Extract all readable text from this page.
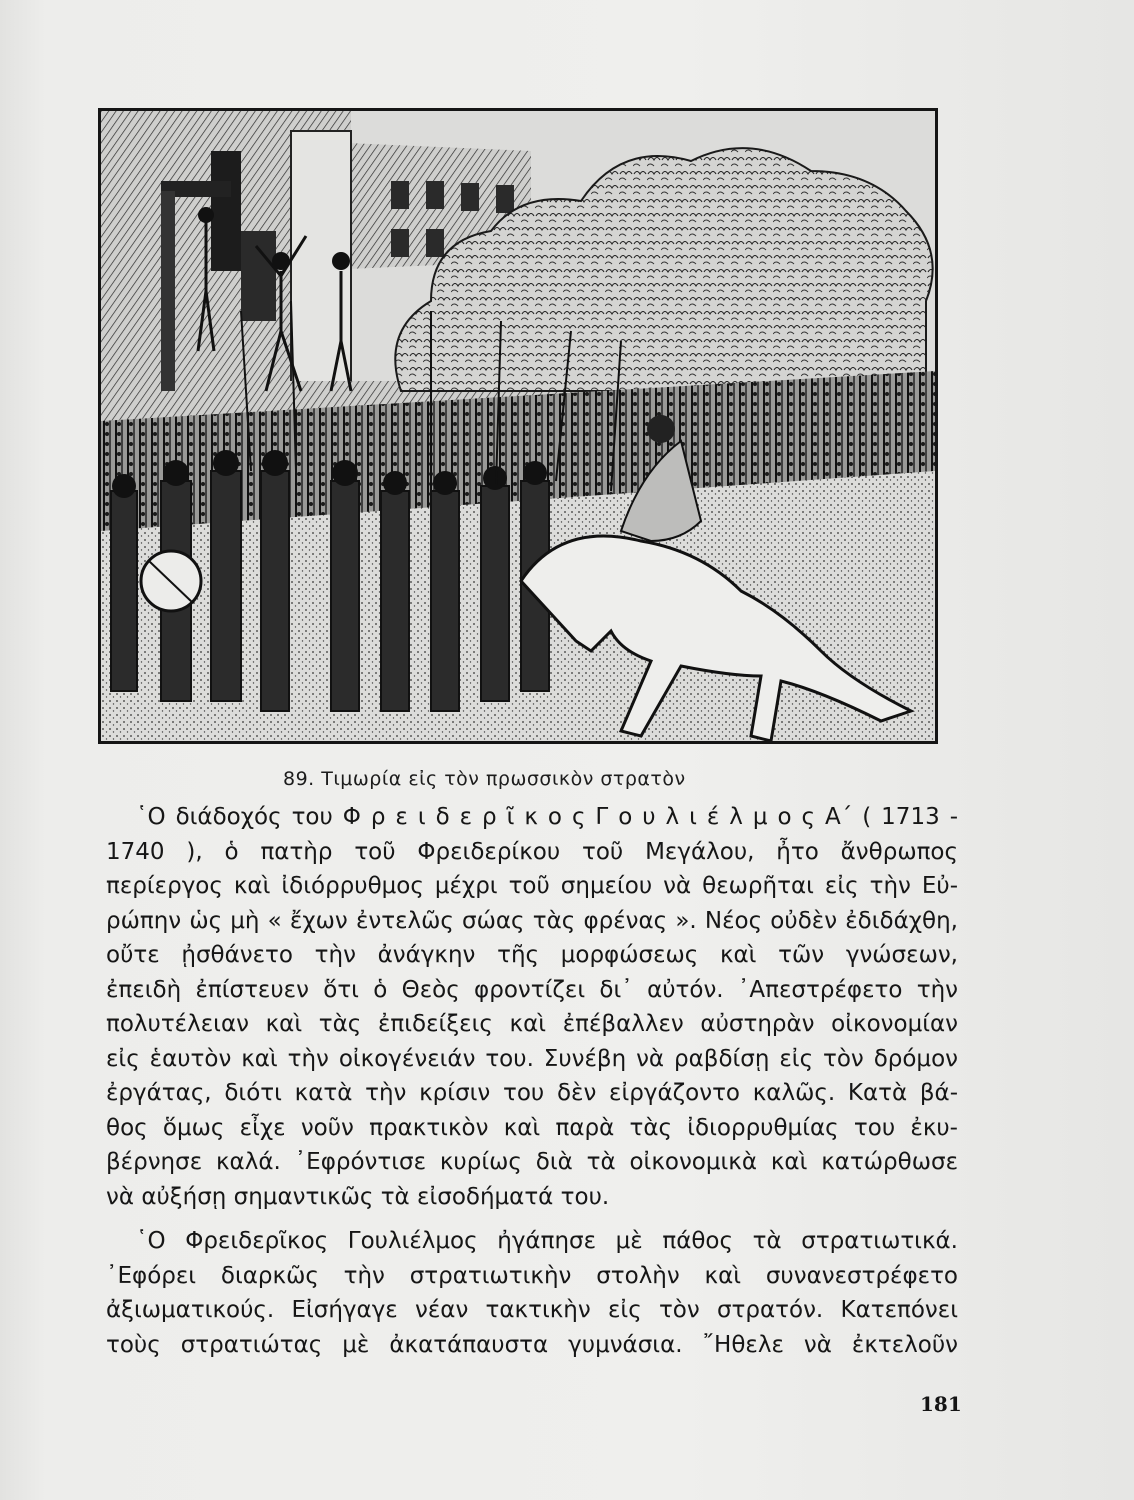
89. Τιμωρία εἰς τὸν πρωσσικὸν στρατὸν
῾Ο διάδοχός του Φ ρ ε ι δ ε ρ ῖ κ ο ς Γ ο υ λ ι έ λ μ ο ς Α΄ ( 1713 -
1740 ), ὁ πατὴρ τοῦ Φρειδερίκου τοῦ Μεγάλου, ἦτο ἄνθρωπος
περίεργος καὶ ἰδιόρρυθμος μέχρι τοῦ σημείου νὰ θεωρῆται εἰς τὴν Εὐ-
ρώπην ὡς μὴ « ἔχων ἐντελῶς σώας τὰς φρένας ». Νέος οὐδὲν ἐδιδάχθη,
οὔτε ᾐσθάνετο τὴν ἀνάγκην τῆς μορφώσεως καὶ τῶν γνώσεων,
ἐπειδὴ ἐπίστευεν ὅτι ὁ Θεὸς φροντίζει δι᾽ αὐτόν. ᾽Απεστρέφετο τὴν
πολυτέλειαν καὶ τὰς ἐπιδείξεις καὶ ἐπέβαλλεν αὐστηρὰν οἰκονομίαν
εἰς ἑαυτὸν καὶ τὴν οἰκογένειάν του. Συνέβη νὰ ραβδίσῃ εἰς τὸν δρόμον
ἐργάτας, διότι κατὰ τὴν κρίσιν του δὲν εἰργάζοντο καλῶς. Κατὰ βά-
θος ὅμως εἶχε νοῦν πρακτικὸν καὶ παρὰ τὰς ἰδιορρυθμίας του ἐκυ-
βέρνησε καλά. ᾽Εφρόντισε κυρίως διὰ τὰ οἰκονομικὰ καὶ κατώρθωσε
νὰ αὐξήσῃ σημαντικῶς τὰ εἰσοδήματά του.
῾Ο Φρειδερῖκος Γουλιέλμος ἠγάπησε μὲ πάθος τὰ στρατιωτικά.
᾽Εφόρει διαρκῶς τὴν στρατιωτικὴν στολὴν καὶ συνανεστρέφετο
ἀξιωματικούς. Εἰσήγαγε νέαν τακτικὴν εἰς τὸν στρατόν. Κατεπόνει
τοὺς στρατιώτας μὲ ἀκατάπαυστα γυμνάσια. ῎Ηθελε νὰ ἐκτελοῦν
181
